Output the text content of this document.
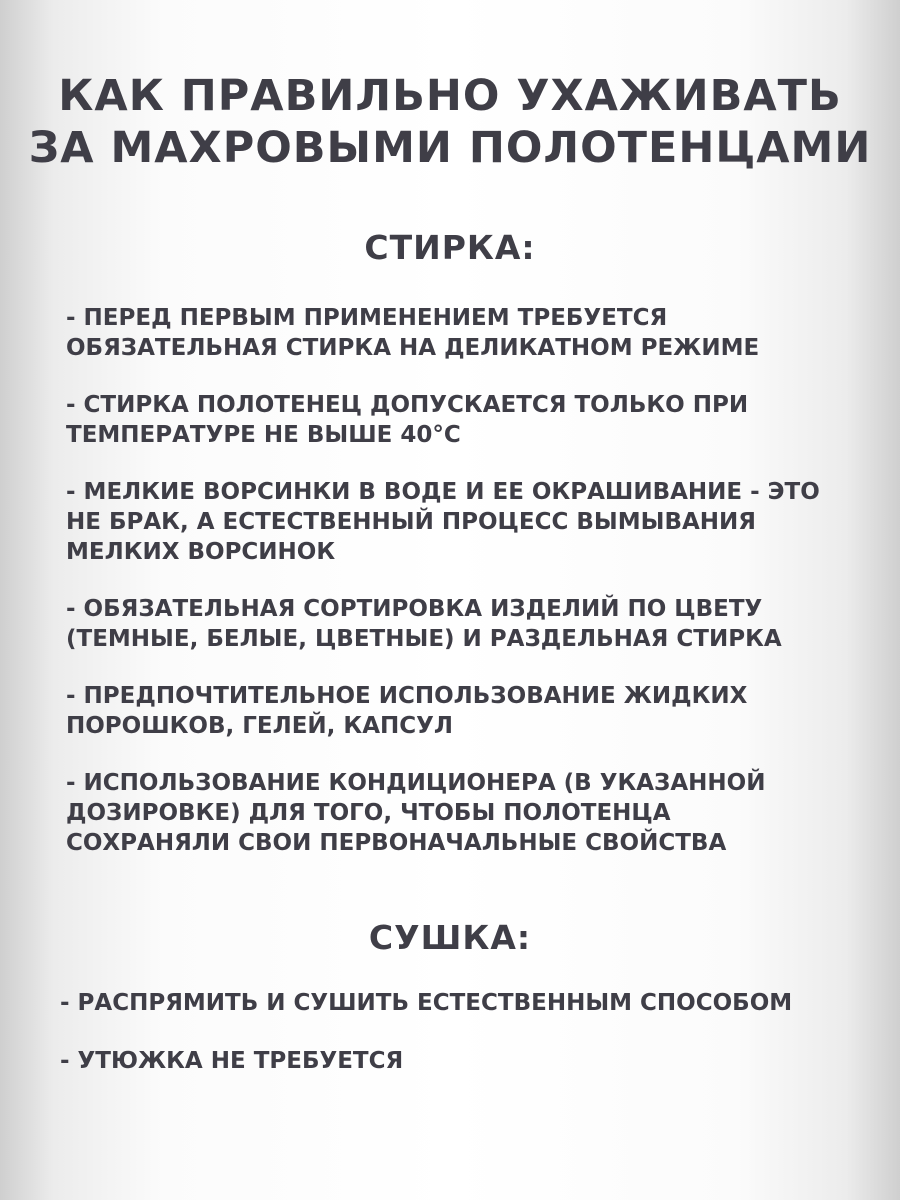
КАК ПРАВИЛЬНО УХАЖИВАТЬ
ЗА МАХРОВЫМИ ПОЛОТЕНЦАМИ
СТИРКА:
- ПЕРЕД ПЕРВЫМ ПРИМЕНЕНИЕМ ТРЕБУЕТСЯ
ОБЯЗАТЕЛЬНАЯ СТИРКА НА ДЕЛИКАТНОМ РЕЖИМЕ
- СТИРКА ПОЛОТЕНЕЦ ДОПУСКАЕТСЯ ТОЛЬКО ПРИ
ТЕМПЕРАТУРЕ НЕ ВЫШЕ 40°С
- МЕЛКИЕ ВОРСИНКИ В ВОДЕ И ЕЕ ОКРАШИВАНИЕ - ЭТО
НЕ БРАК, А ЕСТЕСТВЕННЫЙ ПРОЦЕСС ВЫМЫВАНИЯ
МЕЛКИХ ВОРСИНОК
- ОБЯЗАТЕЛЬНАЯ СОРТИРОВКА ИЗДЕЛИЙ ПО ЦВЕТУ
(ТЕМНЫЕ, БЕЛЫЕ, ЦВЕТНЫЕ) И РАЗДЕЛЬНАЯ СТИРКА
- ПРЕДПОЧТИТЕЛЬНОЕ ИСПОЛЬЗОВАНИЕ ЖИДКИХ
ПОРОШКОВ, ГЕЛЕЙ, КАПСУЛ
- ИСПОЛЬЗОВАНИЕ КОНДИЦИОНЕРА (В УКАЗАННОЙ
ДОЗИРОВКЕ) ДЛЯ ТОГО, ЧТОБЫ ПОЛОТЕНЦА
СОХРАНЯЛИ СВОИ ПЕРВОНАЧАЛЬНЫЕ СВОЙСТВА
СУШКА:
- РАСПРЯМИТЬ И СУШИТЬ ЕСТЕСТВЕННЫМ СПОСОБОМ
- УТЮЖКА НЕ ТРЕБУЕТСЯ
